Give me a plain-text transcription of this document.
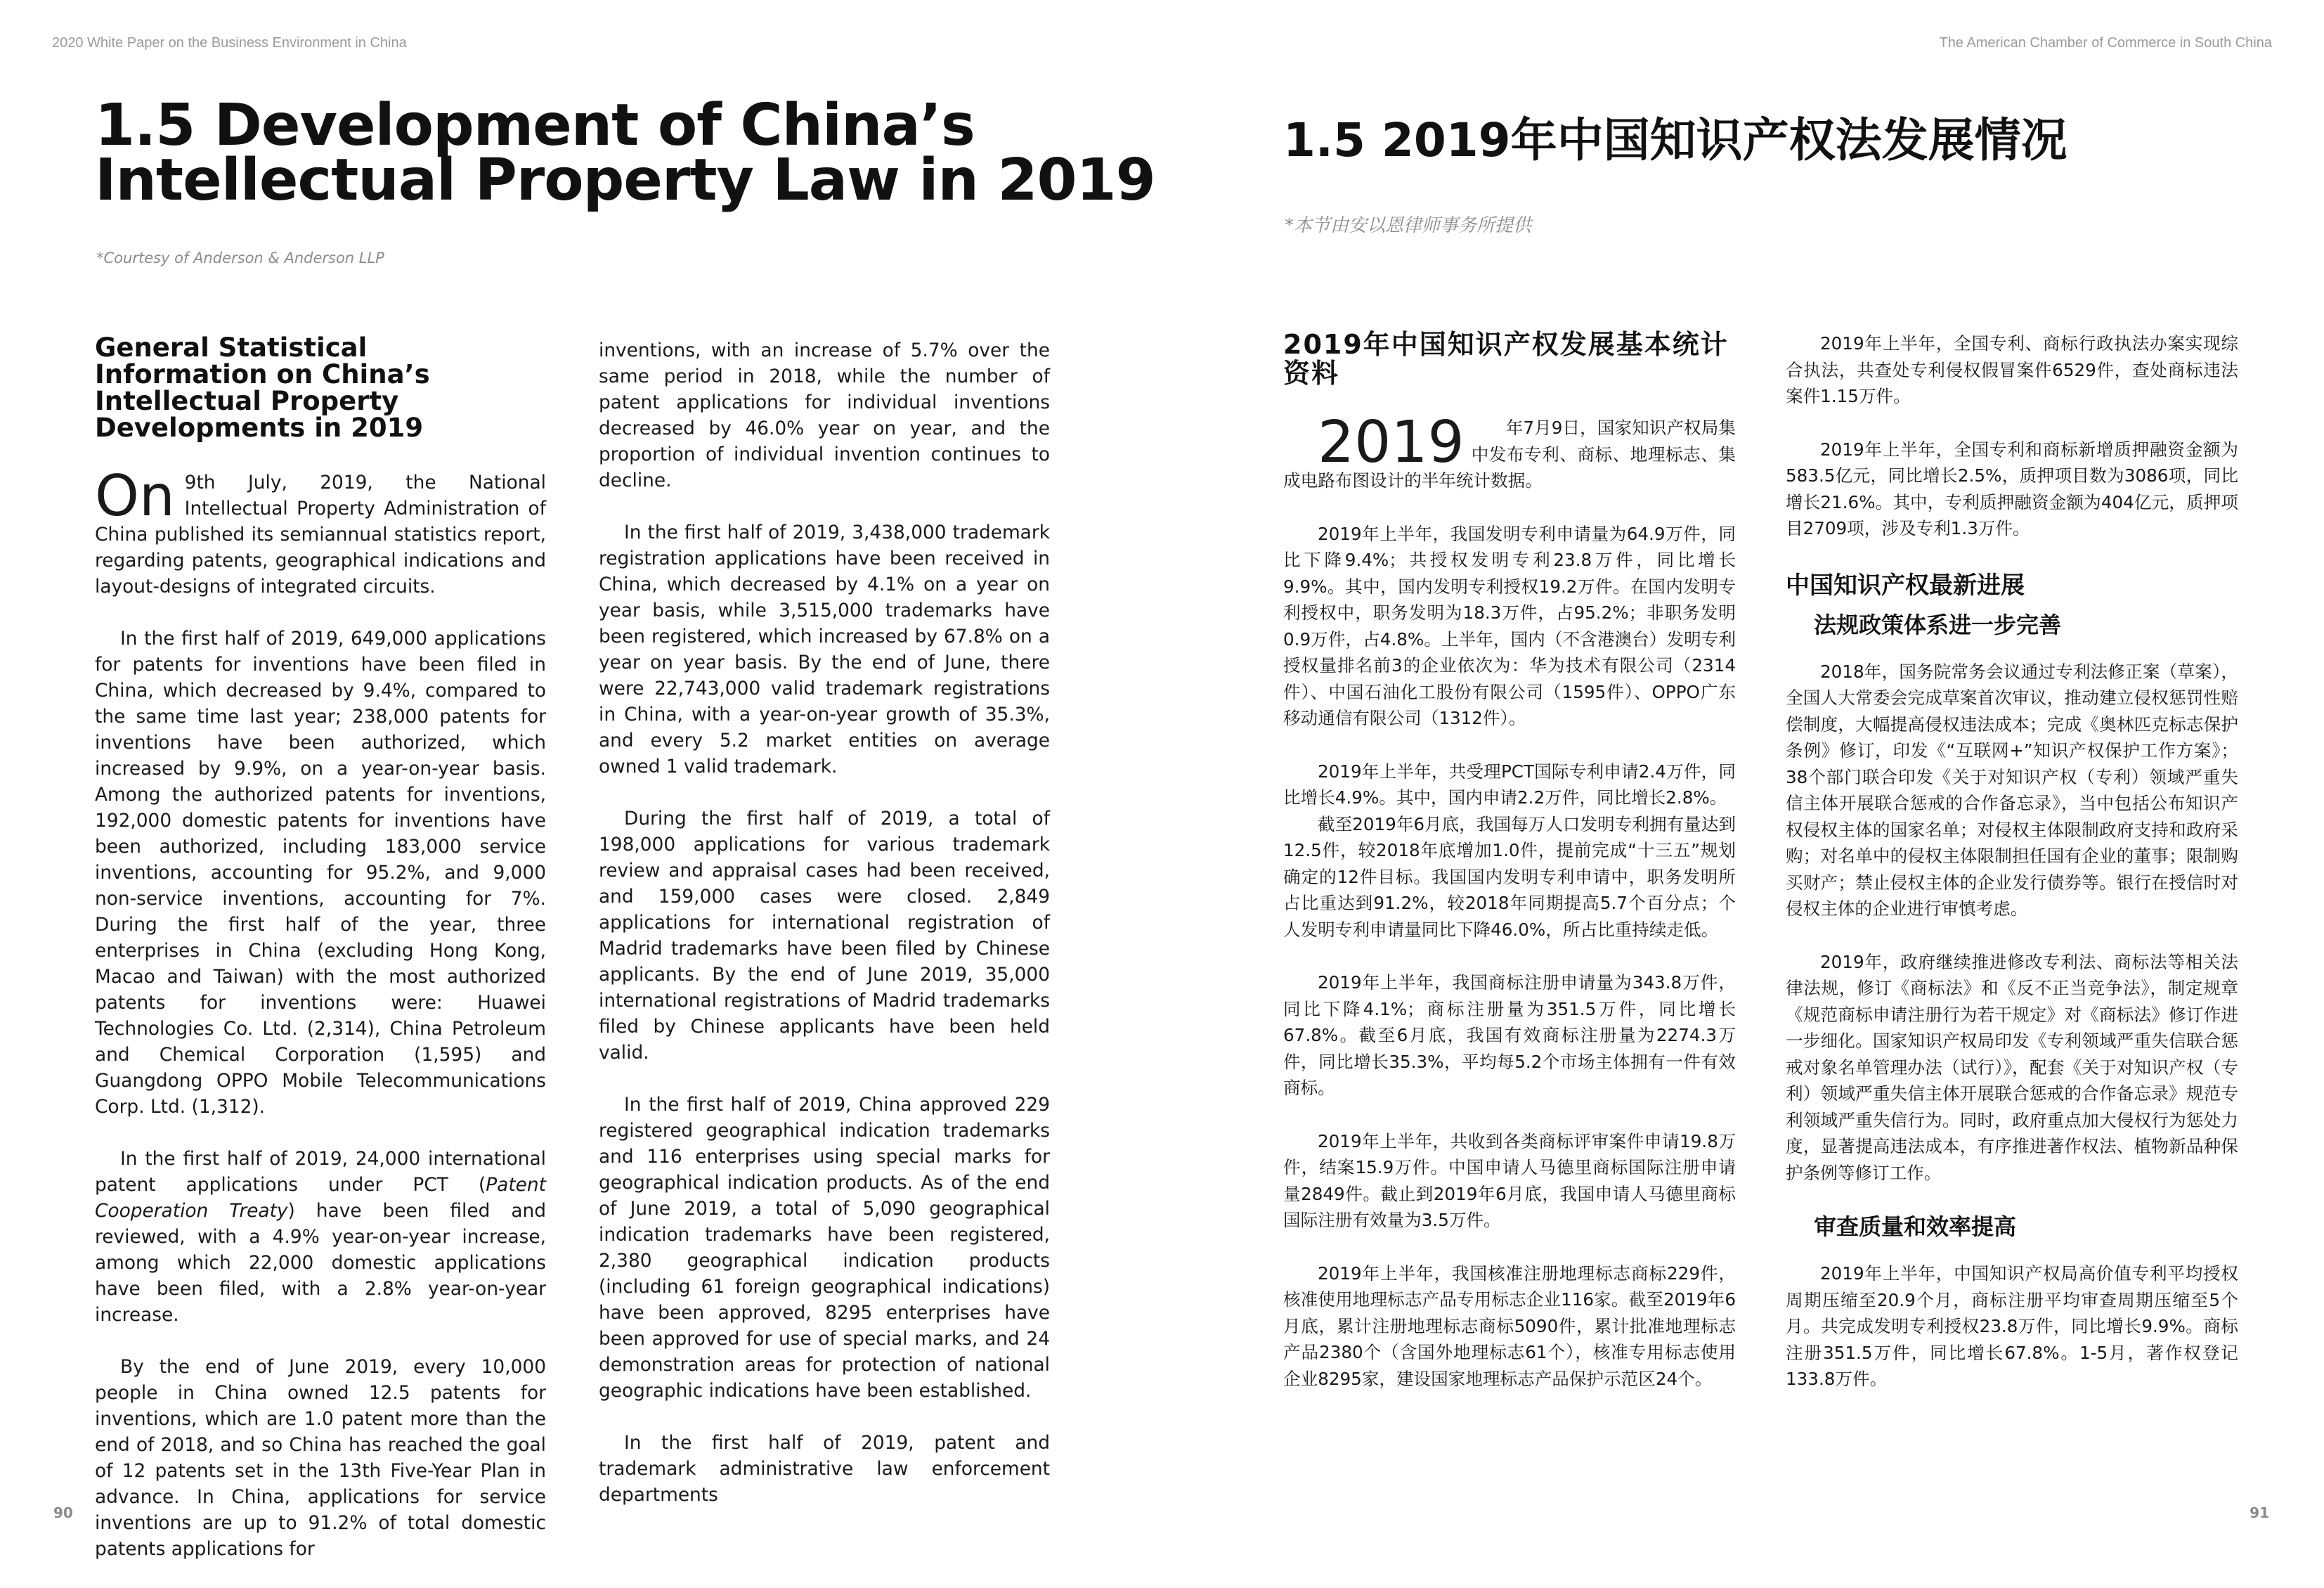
2020 White Paper on the Business Environment in China	The American Chamber of Commerce in South China
1.5 Development of China’s
Intellectual Property Law in 2019
*Courtesy of Anderson & Anderson LLP
General Statistical Information on China’s Intellectual Property Developments in 2019

On 9th July, 2019, the National Intellectual Property Administration of China published its semiannual statistics report, regarding patents, geographical indications and layout-designs of integrated circuits.

In the first half of 2019, 649,000 applications for patents for inventions have been filed in China, which decreased by 9.4%, compared to the same time last year; 238,000 patents for inventions have been authorized, which increased by 9.9%, on a year-on-year basis. Among the authorized patents for inventions, 192,000 domestic patents for inventions have been authorized, including 183,000 service inventions, accounting for 95.2%, and 9,000 non-service inventions, accounting for 7%. During the first half of the year, three enterprises in China (excluding Hong Kong, Macao and Taiwan) with the most authorized patents for inventions were: Huawei Technologies Co. Ltd. (2,314), China Petroleum and Chemical Corporation (1,595) and Guangdong OPPO Mobile Telecommunications Corp. Ltd. (1,312).

In the first half of 2019, 24,000 international patent applications under PCT (Patent Cooperation Treaty) have been filed and reviewed, with a 4.9% year-on-year increase, among which 22,000 domestic applications have been filed, with a 2.8% year-on-year increase.

By the end of June 2019, every 10,000 people in China owned 12.5 patents for inventions, which are 1.0 patent more than the end of 2018, and so China has reached the goal of 12 patents set in the 13th Five-Year Plan in advance. In China, applications for service inventions are up to 91.2% of total domestic patents applications for

inventions, with an increase of 5.7% over the same period in 2018, while the number of patent applications for individual inventions decreased by 46.0% year on year, and the proportion of individual invention continues to decline.

In the first half of 2019, 3,438,000 trademark registration applications have been received in China, which decreased by 4.1% on a year on year basis, while 3,515,000 trademarks have been registered, which increased by 67.8% on a year on year basis. By the end of June, there were 22,743,000 valid trademark registrations in China, with a year-on-year growth of 35.3%, and every 5.2 market entities on average owned 1 valid trademark.

During the first half of 2019, a total of 198,000 applications for various trademark review and appraisal cases had been received, and 159,000 cases were closed. 2,849 applications for international registration of Madrid trademarks have been filed by Chinese applicants. By the end of June 2019, 35,000 international registrations of Madrid trademarks filed by Chinese applicants have been held valid.

In the first half of 2019, China approved 229 registered geographical indication trademarks and 116 enterprises using special marks for geographical indication products. As of the end of June 2019, a total of 5,090 geographical indication trademarks have been registered, 2,380 geographical indication products (including 61 foreign geographical indications) have been approved, 8295 enterprises have been approved for use of special marks, and 24 demonstration areas for protection of national geographic indications have been established.

In the first half of 2019, patent and trademark administrative law enforcement departments

90
1.5 2019年中国知识产权法发展情况
*本节由安以恩律师事务所提供
2019年中国知识产权发展基本统计资料

2019 年7月9日，国家知识产权局集中发布专利、商标、地理标志、集成电路布图设计的半年统计数据。

2019年上半年，我国发明专利申请量为64.9万件，同比下降9.4%；共授权发明专利23.8万件，同比增长9.9%。其中，国内发明专利授权19.2万件。在国内发明专利授权中，职务发明为18.3万件，占95.2%；非职务发明0.9万件，占4.8%。上半年，国内（不含港澳台）发明专利授权量排名前3的企业依次为：华为技术有限公司（2314件）、中国石油化工股份有限公司（1595件）、OPPO广东移动通信有限公司（1312件）。

2019年上半年，共受理PCT国际专利申请2.4万件，同比增长4.9%。其中，国内申请2.2万件，同比增长2.8%。

截至2019年6月底，我国每万人口发明专利拥有量达到12.5件，较2018年底增加1.0件，提前完成“十三五”规划确定的12件目标。我国国内发明专利申请中，职务发明所占比重达到91.2%，较2018年同期提高5.7个百分点；个人发明专利申请量同比下降46.0%，所占比重持续走低。

2019年上半年，我国商标注册申请量为343.8万件，同比下降4.1%；商标注册量为351.5万件，同比增长67.8%。截至6月底，我国有效商标注册量为2274.3万件，同比增长35.3%，平均每5.2个市场主体拥有一件有效商标。

2019年上半年，共收到各类商标评审案件申请19.8万件，结案15.9万件。中国申请人马德里商标国际注册申请量2849件。截止到2019年6月底，我国申请人马德里商标国际注册有效量为3.5万件。

2019年上半年，我国核准注册地理标志商标229件，核准使用地理标志产品专用标志企业116家。截至2019年6月底，累计注册地理标志商标5090件，累计批准地理标志产品2380个（含国外地理标志61个），核准专用标志使用企业8295家，建设国家地理标志产品保护示范区24个。

2019年上半年，全国专利、商标行政执法办案实现综合执法，共查处专利侵权假冒案件6529件，查处商标违法案件1.15万件。

2019年上半年，全国专利和商标新增质押融资金额为583.5亿元，同比增长2.5%，质押项目数为3086项，同比增长21.6%。其中，专利质押融资金额为404亿元，质押项目2709项，涉及专利1.3万件。

中国知识产权最新进展
法规政策体系进一步完善

2018年，国务院常务会议通过专利法修正案（草案），全国人大常委会完成草案首次审议，推动建立侵权惩罚性赔偿制度，大幅提高侵权违法成本；完成《奥林匹克标志保护条例》修订，印发《“互联网+”知识产权保护工作方案》；38个部门联合印发《关于对知识产权（专利）领域严重失信主体开展联合惩戒的合作备忘录》，当中包括公布知识产权侵权主体的国家名单；对侵权主体限制政府支持和政府采购；对名单中的侵权主体限制担任国有企业的董事；限制购买财产；禁止侵权主体的企业发行债券等。银行在授信时对侵权主体的企业进行审慎考虑。

2019年，政府继续推进修改专利法、商标法等相关法律法规，修订《商标法》和《反不正当竞争法》，制定规章《规范商标申请注册行为若干规定》对《商标法》修订作进一步细化。国家知识产权局印发《专利领域严重失信联合惩戒对象名单管理办法（试行）》，配套《关于对知识产权（专利）领域严重失信主体开展联合惩戒的合作备忘录》规范专利领域严重失信行为。同时，政府重点加大侵权行为惩处力度，显著提高违法成本，有序推进著作权法、植物新品种保护条例等修订工作。

审查质量和效率提高

2019年上半年，中国知识产权局高价值专利平均授权周期压缩至20.9个月，商标注册平均审查周期压缩至5个月。共完成发明专利授权23.8万件，同比增长9.9%。商标注册351.5万件，同比增长67.8%。1-5月，著作权登记133.8万件。

91
